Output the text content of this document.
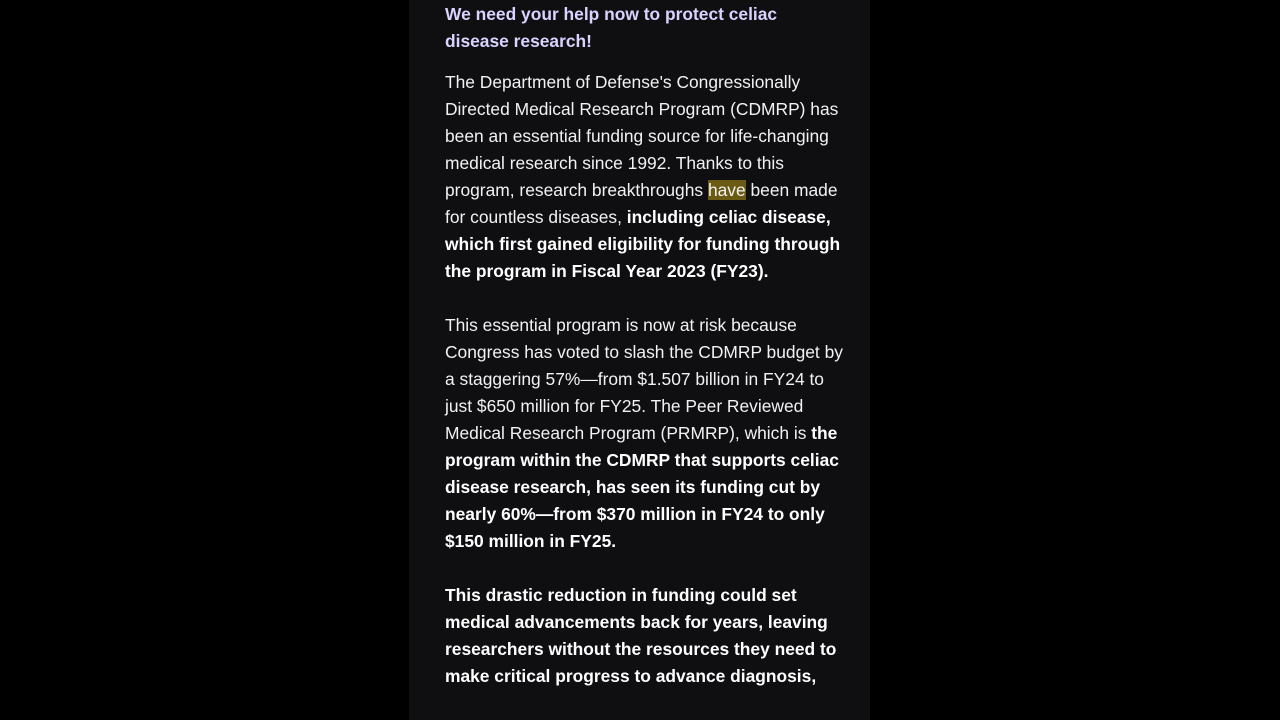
We need your help now to protect celiac disease research!

The Department of Defense's Congressionally Directed Medical Research Program (CDMRP) has been an essential funding source for life-changing medical research since 1992. Thanks to this program, research breakthroughs have been made for countless diseases, including celiac disease, which first gained eligibility for funding through the program in Fiscal Year 2023 (FY23).

This essential program is now at risk because Congress has voted to slash the CDMRP budget by a staggering 57%—from $1.507 billion in FY24 to just $650 million for FY25. The Peer Reviewed Medical Research Program (PRMRP), which is the program within the CDMRP that supports celiac disease research, has seen its funding cut by nearly 60%—from $370 million in FY24 to only $150 million in FY25.

This drastic reduction in funding could set medical advancements back for years, leaving researchers without the resources they need to make critical progress to advance diagnosis,
